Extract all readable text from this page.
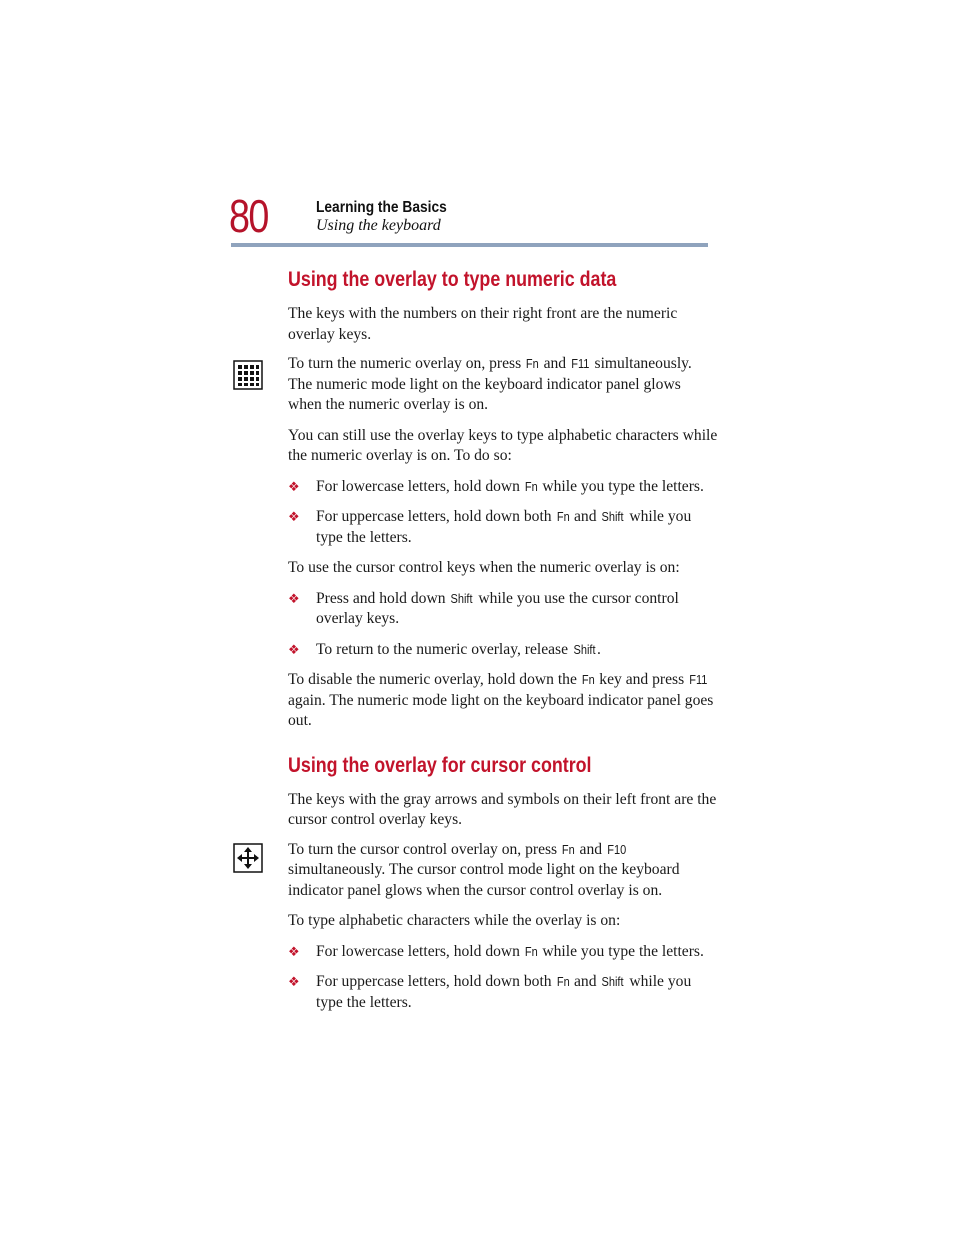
80	Learning the Basics
Using the keyboard
Using the overlay to type numeric data

The keys with the numbers on their right front are the numeric overlay keys.

To turn the numeric overlay on, press Fn and F11 simultaneously. The numeric mode light on the keyboard indicator panel glows when the numeric overlay is on.

You can still use the overlay keys to type alphabetic characters while the numeric overlay is on. To do so:

❖ For lowercase letters, hold down Fn while you type the letters.

❖ For uppercase letters, hold down both Fn and Shift while you type the letters.

To use the cursor control keys when the numeric overlay is on:

❖ Press and hold down Shift while you use the cursor control overlay keys.

❖ To return to the numeric overlay, release Shift.

To disable the numeric overlay, hold down the Fn key and press F11 again. The numeric mode light on the keyboard indicator panel goes out.

Using the overlay for cursor control

The keys with the gray arrows and symbols on their left front are the cursor control overlay keys.

To turn the cursor control overlay on, press Fn and F10 simultaneously. The cursor control mode light on the keyboard indicator panel glows when the cursor control overlay is on.

To type alphabetic characters while the overlay is on:

❖ For lowercase letters, hold down Fn while you type the letters.

❖ For uppercase letters, hold down both Fn and Shift while you type the letters.
